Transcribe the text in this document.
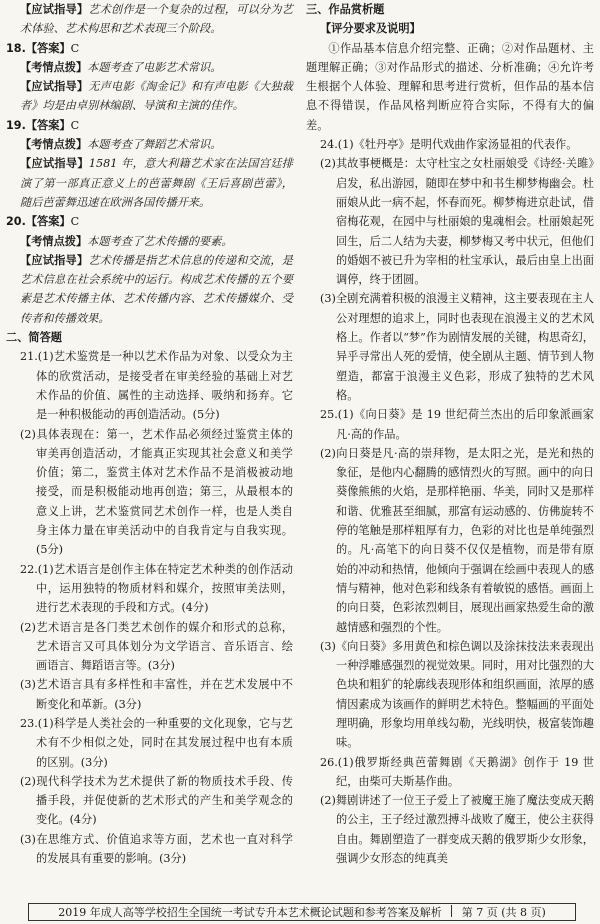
【应试指导】艺术创作是一个复杂的过程，可以分为艺术体验、艺术构思和艺术表现三个阶段。

18.【答案】C

【考情点拨】本题考查了电影艺术常识。

【应试指导】无声电影《淘金记》和有声电影《大独裁者》均是由卓别林编剧、导演和主演的佳作。

19.【答案】C

【考情点拨】本题考查了舞蹈艺术常识。

【应试指导】1581 年，意大利籍艺术家在法国宫廷排演了第一部真正意义上的芭蕾舞剧《王后喜剧芭蕾》，随后芭蕾舞迅速在欧洲各国传播开来。

20.【答案】C

【考情点拨】本题考查了艺术传播的要素。

【应试指导】艺术传播是指艺术信息的传递和交流，是艺术信息在社会系统中的运行。构成艺术传播的五个要素是艺术传播主体、艺术传播内容、艺术传播媒介、受传者和传播效果。

二、简答题

21.(1)艺术鉴赏是一种以艺术作品为对象、以受众为主体的欣赏活动，是接受者在审美经验的基础上对艺术作品的价值、属性的主动选择、吸纳和扬弃。它是一种积极能动的再创造活动。(5分)

(2)具体表现在：第一，艺术作品必须经过鉴赏主体的审美再创造活动，才能真正实现其社会意义和美学价值；第二，鉴赏主体对艺术作品不是消极被动地接受，而是积极能动地再创造；第三，从最根本的意义上讲，艺术鉴赏同艺术创作一样，也是人类自身主体力量在审美活动中的自我肯定与自我实现。(5分)

22.(1)艺术语言是创作主体在特定艺术种类的创作活动中，运用独特的物质材料和媒介，按照审美法则，进行艺术表现的手段和方式。(4分)

(2)艺术语言是各门类艺术创作的媒介和形式的总称，艺术语言又可具体划分为文学语言、音乐语言、绘画语言、舞蹈语言等。(3分)

(3)艺术语言具有多样性和丰富性，并在艺术发展中不断变化和革新。(3分)

23.(1)科学是人类社会的一种重要的文化现象，它与艺术有不少相似之处，同时在其发展过程中也有本质的区别。(3分)

(2)现代科学技术为艺术提供了新的物质技术手段、传播手段，并促使新的艺术形式的产生和美学观念的变化。(4分)

(3)在思维方式、价值追求等方面，艺术也一直对科学的发展具有重要的影响。(3分)

三、作品赏析题

【评分要求及说明】

①作品基本信息介绍完整、正确；②对作品题材、主题理解正确；③对作品形式的描述、分析准确；④允许考生根据个人体验、理解和思考进行赏析，但作品的基本信息不得错误，作品风格判断应符合实际，不得有大的偏差。

24.(1)《牡丹亭》是明代戏曲作家汤显祖的代表作。

(2)其故事梗概是：太守杜宝之女杜丽娘受《诗经·关雎》启发，私出游园，随即在梦中和书生柳梦梅幽会。杜丽娘从此一病不起，怀春而死。柳梦梅进京赴试，借宿梅花观，在园中与杜丽娘的鬼魂相会。杜丽娘起死回生，后二人结为夫妻，柳梦梅又考中状元，但他们的婚姻不被已升为宰相的杜宝承认，最后由皇上出面调停，终于团圆。

(3)全剧充满着积极的浪漫主义精神，这主要表现在主人公对理想的追求上，同时也表现在浪漫主义的艺术风格上。作者以“梦”作为剧情发展的关键，构思奇幻，异乎寻常出人死的爱情，使全剧从主题、情节到人物塑造，都富于浪漫主义色彩，形成了独特的艺术风格。

25.(1)《向日葵》是 19 世纪荷兰杰出的后印象派画家凡·高的作品。

(2)向日葵是凡·高的崇拜物，是太阳之光，是光和热的象征，是他内心翻腾的感情烈火的写照。画中的向日葵像熊熊的火焰，是那样艳丽、华美，同时又是那样和谐、优雅甚至细腻，那富有运动感的、仿佛旋转不停的笔触是那样粗厚有力，色彩的对比也是单纯强烈的。凡·高笔下的向日葵不仅仅是植物，而是带有原始的冲动和热情，他倾向于强调在绘画中表现人的感情与精神，他对色彩和线条有着敏锐的感悟。画面上的向日葵，色彩浓烈刺目，展现出画家热爱生命的激越情感和强烈的个性。

(3)《向日葵》多用黄色和棕色调以及涂抹技法来表现出一种浮雕感强烈的视觉效果。同时，用对比强烈的大色块和粗犷的轮廓线表现形体和组织画面，浓厚的感情因素成为该画作的鲜明艺术特色。整幅画的平面处理明确，形象均用单线勾勒，光线明快，极富装饰趣味。

26.(1)俄罗斯经典芭蕾舞剧《天鹅湖》创作于 19 世纪，由柴可夫斯基作曲。

(2)舞剧讲述了一位王子爱上了被魔王施了魔法变成天鹅的公主，王子经过激烈搏斗战败了魔王，使公主获得自由。舞剧塑造了一群变成天鹅的俄罗斯少女形象，强调少女形态的纯真美

2019 年成人高等学校招生全国统一考试专升本艺术概论试题和参考答案及解析 第 7 页 (共 8 页)
